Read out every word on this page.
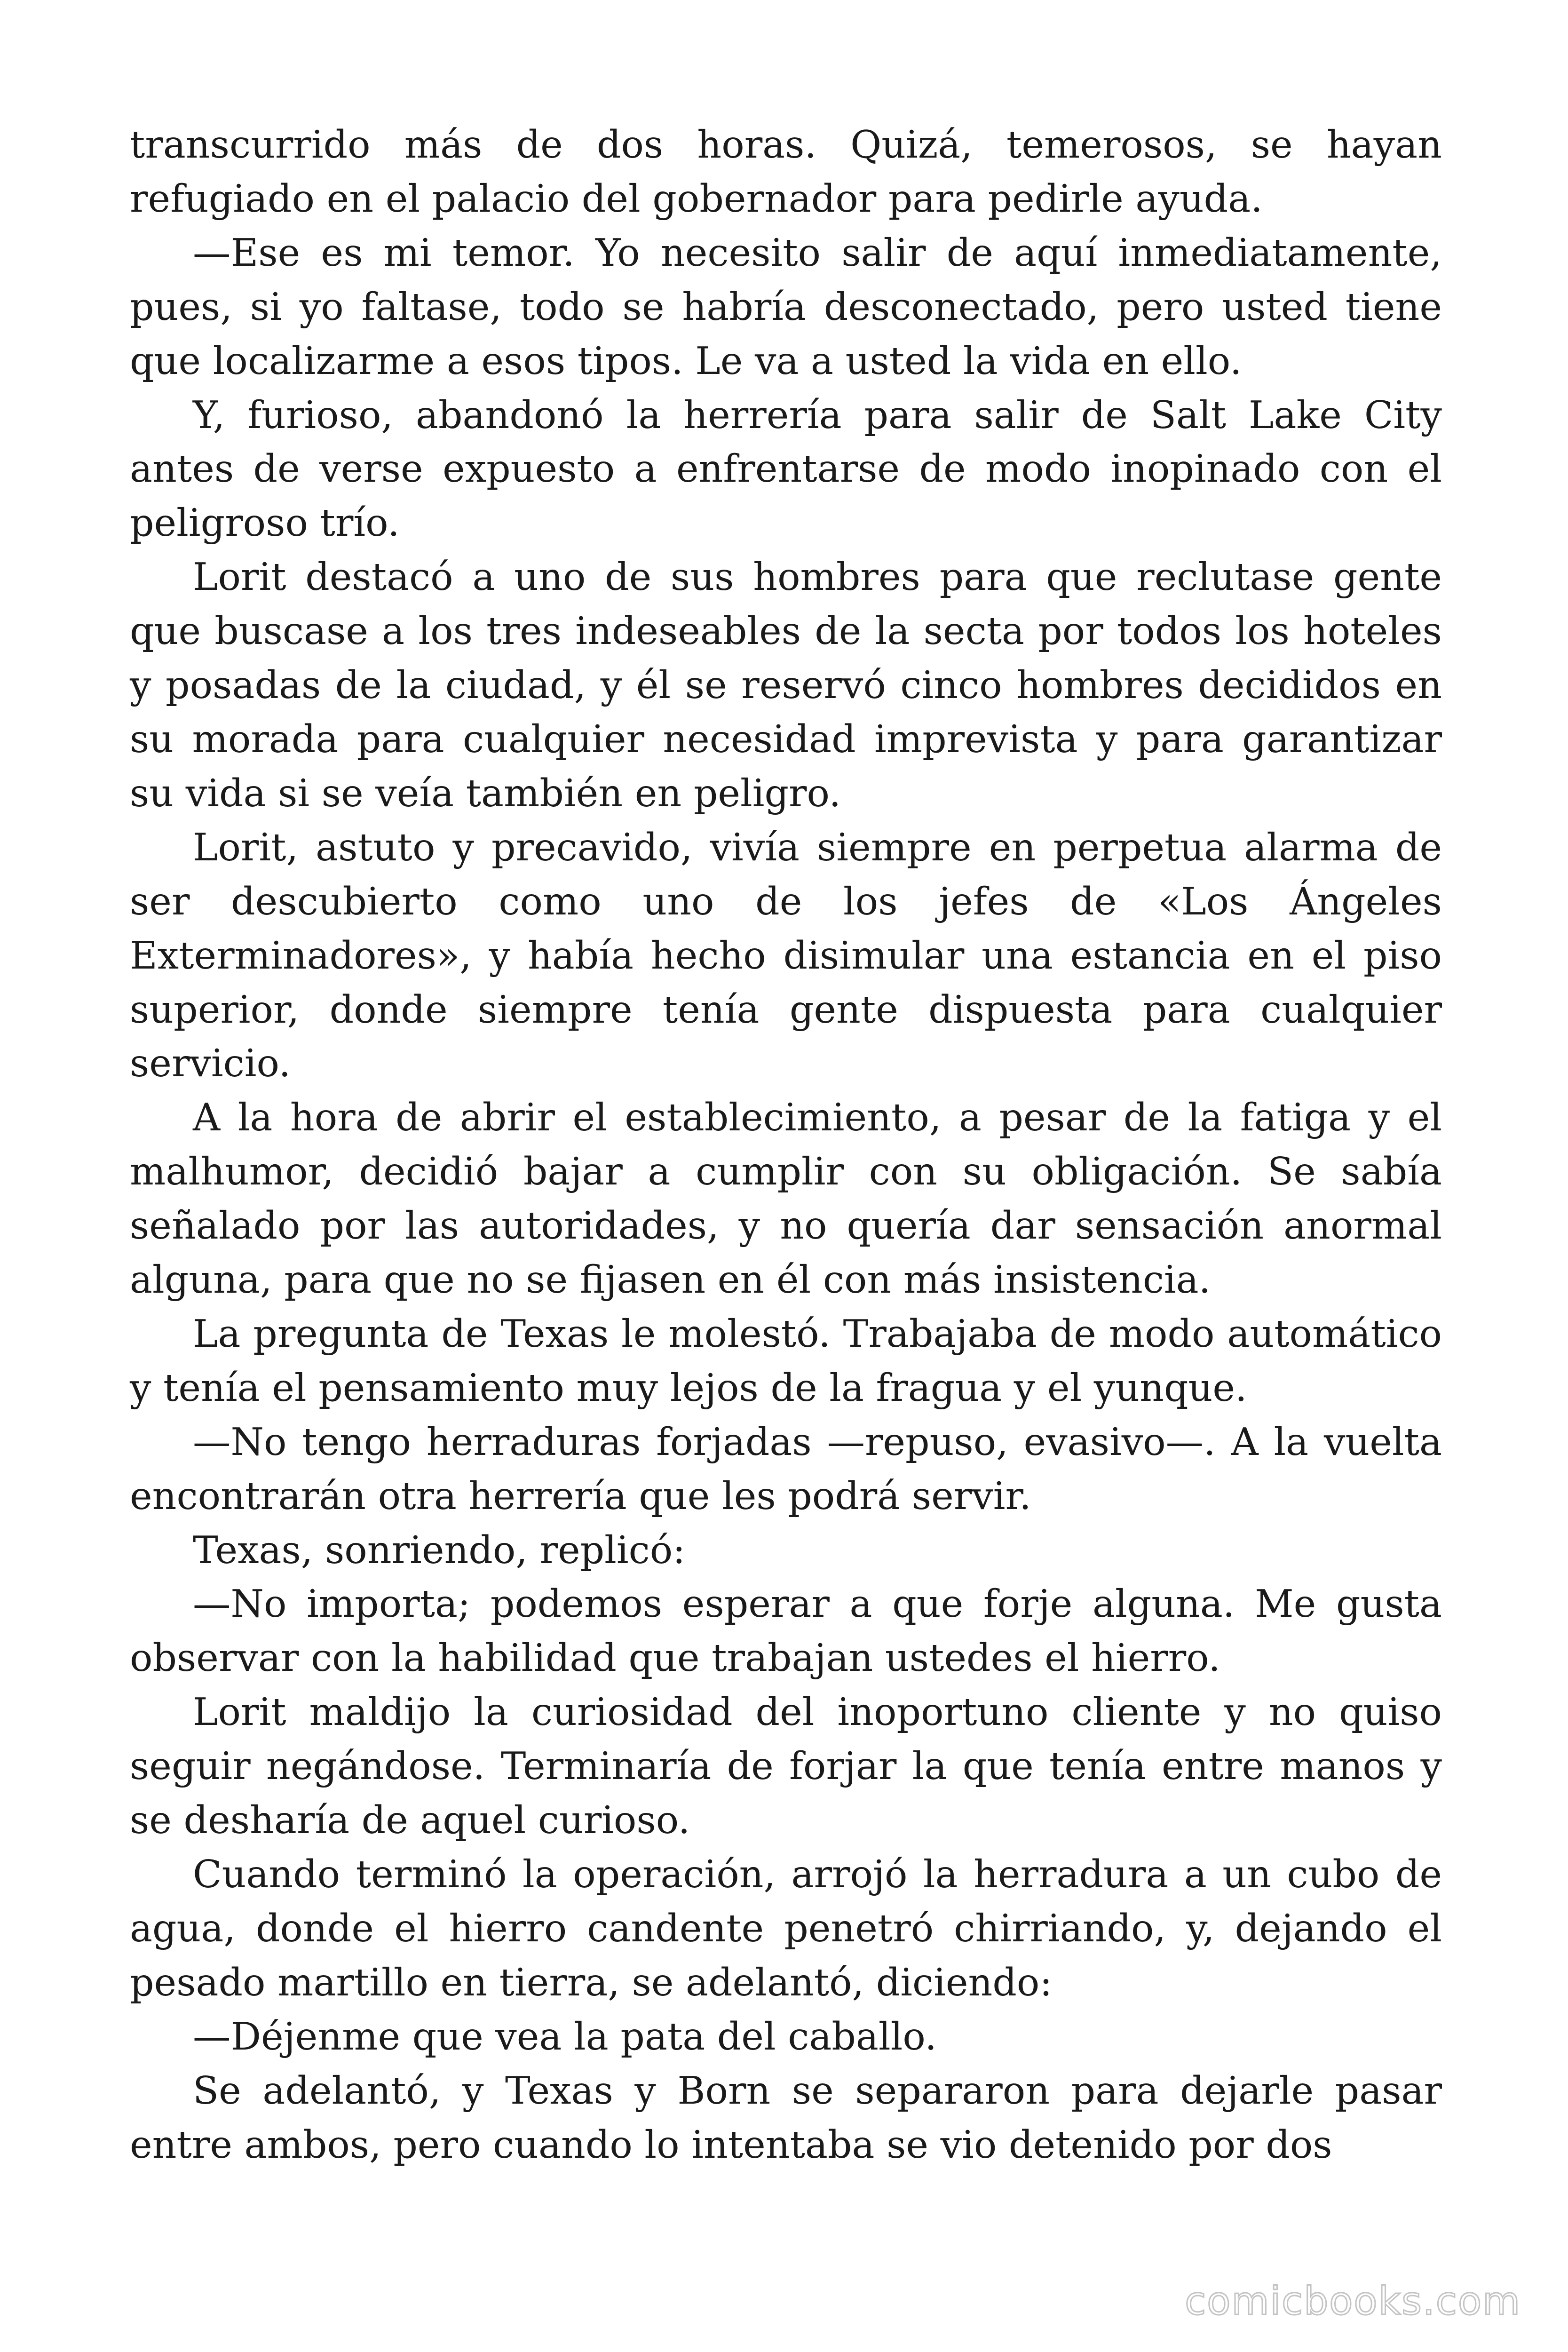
transcurrido más de dos horas. Quizá, temerosos, se hayan refugiado en el palacio del gobernador para pedirle ayuda.

—Ese es mi temor. Yo necesito salir de aquí inmediatamente, pues, si yo faltase, todo se habría desconectado, pero usted tiene que localizarme a esos tipos. Le va a usted la vida en ello.

Y, furioso, abandonó la herrería para salir de Salt Lake City antes de verse expuesto a enfrentarse de modo inopinado con el peligroso trío.

Lorit destacó a uno de sus hombres para que reclutase gente que buscase a los tres indeseables de la secta por todos los hoteles y posadas de la ciudad, y él se reservó cinco hombres decididos en su morada para cualquier necesidad imprevista y para garantizar su vida si se veía también en peligro.

Lorit, astuto y precavido, vivía siempre en perpetua alarma de ser descubierto como uno de los jefes de «Los Ángeles Exterminadores», y había hecho disimular una estancia en el piso superior, donde siempre tenía gente dispuesta para cualquier servicio.

A la hora de abrir el establecimiento, a pesar de la fatiga y el malhumor, decidió bajar a cumplir con su obligación. Se sabía señalado por las autoridades, y no quería dar sensación anormal alguna, para que no se fijasen en él con más insistencia.

La pregunta de Texas le molestó. Trabajaba de modo automático y tenía el pensamiento muy lejos de la fragua y el yunque.

—No tengo herraduras forjadas —repuso, evasivo—. A la vuelta encontrarán otra herrería que les podrá servir.

Texas, sonriendo, replicó:

—No importa; podemos esperar a que forje alguna. Me gusta observar con la habilidad que trabajan ustedes el hierro.

Lorit maldijo la curiosidad del inoportuno cliente y no quiso seguir negándose. Terminaría de forjar la que tenía entre manos y se desharía de aquel curioso.

Cuando terminó la operación, arrojó la herradura a un cubo de agua, donde el hierro candente penetró chirriando, y, dejando el pesado martillo en tierra, se adelantó, diciendo:

—Déjenme que vea la pata del caballo.

Se adelantó, y Texas y Born se separaron para dejarle pasar entre ambos, pero cuando lo intentaba se vio detenido por dos

comicbooks.com
